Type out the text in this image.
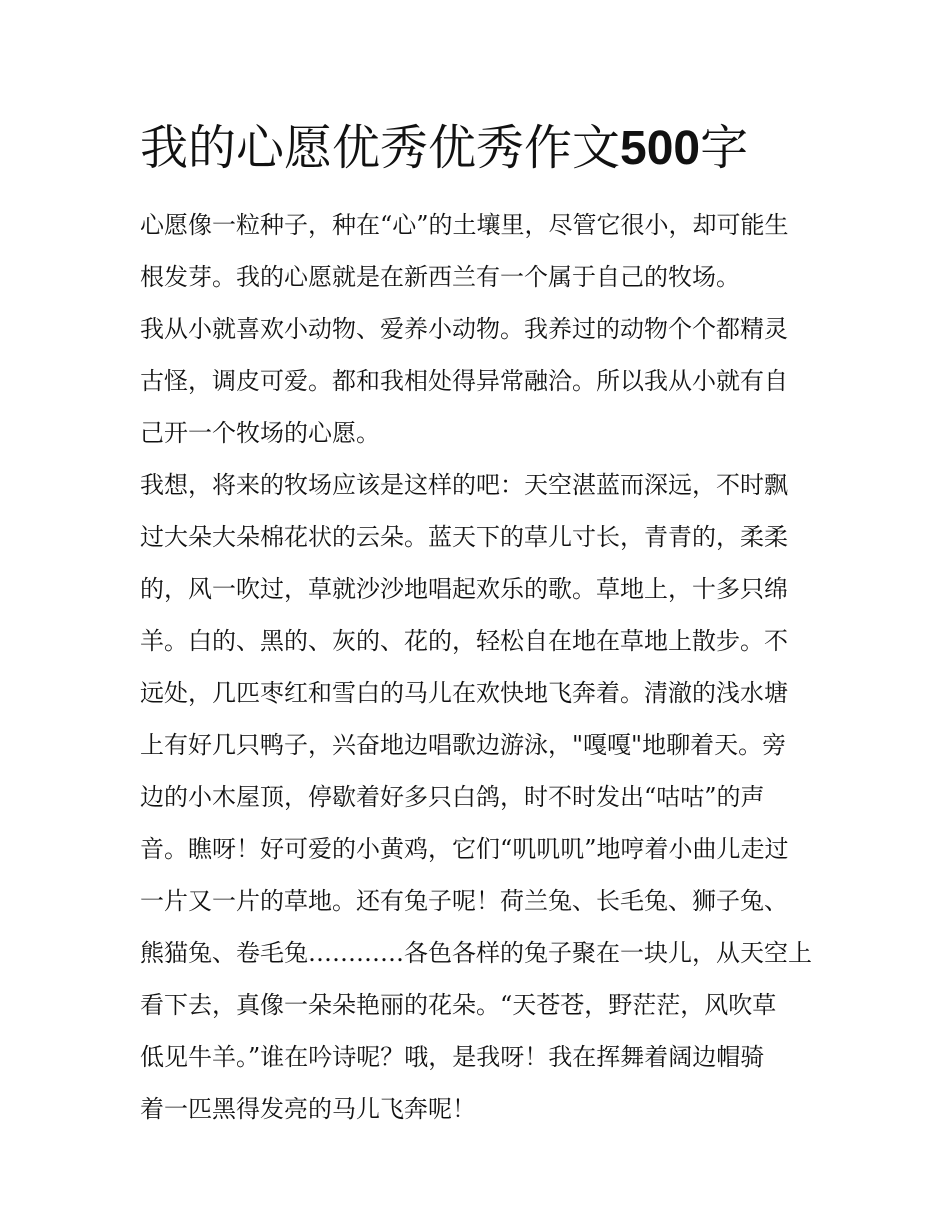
我的心愿优秀优秀作文500字
心愿像一粒种子，种在“心”的土壤里，尽管它很小，却可能生
根发芽。我的心愿就是在新西兰有一个属于自己的牧场。
我从小就喜欢小动物、爱养小动物。我养过的动物个个都精灵
古怪，调皮可爱。都和我相处得异常融洽。所以我从小就有自
己开一个牧场的心愿。
我想，将来的牧场应该是这样的吧：天空湛蓝而深远，不时飘
过大朵大朵棉花状的云朵。蓝天下的草儿寸长，青青的，柔柔
的，风一吹过，草就沙沙地唱起欢乐的歌。草地上，十多只绵
羊。白的、黑的、灰的、花的，轻松自在地在草地上散步。不
远处，几匹枣红和雪白的马儿在欢快地飞奔着。清澈的浅水塘
上有好几只鸭子，兴奋地边唱歌边游泳，"嘎嘎"地聊着天。旁
边的小木屋顶，停歇着好多只白鸽，时不时发出“咕咕”的声
音。瞧呀！好可爱的小黄鸡，它们“叽叽叽”地哼着小曲儿走过
一片又一片的草地。还有兔子呢！荷兰兔、长毛兔、狮子兔、
熊猫兔、卷毛兔…………各色各样的兔子聚在一块儿，从天空上
看下去，真像一朵朵艳丽的花朵。“天苍苍，野茫茫，风吹草
低见牛羊。”谁在吟诗呢？哦，是我呀！我在挥舞着阔边帽骑
着一匹黑得发亮的马儿飞奔呢！
